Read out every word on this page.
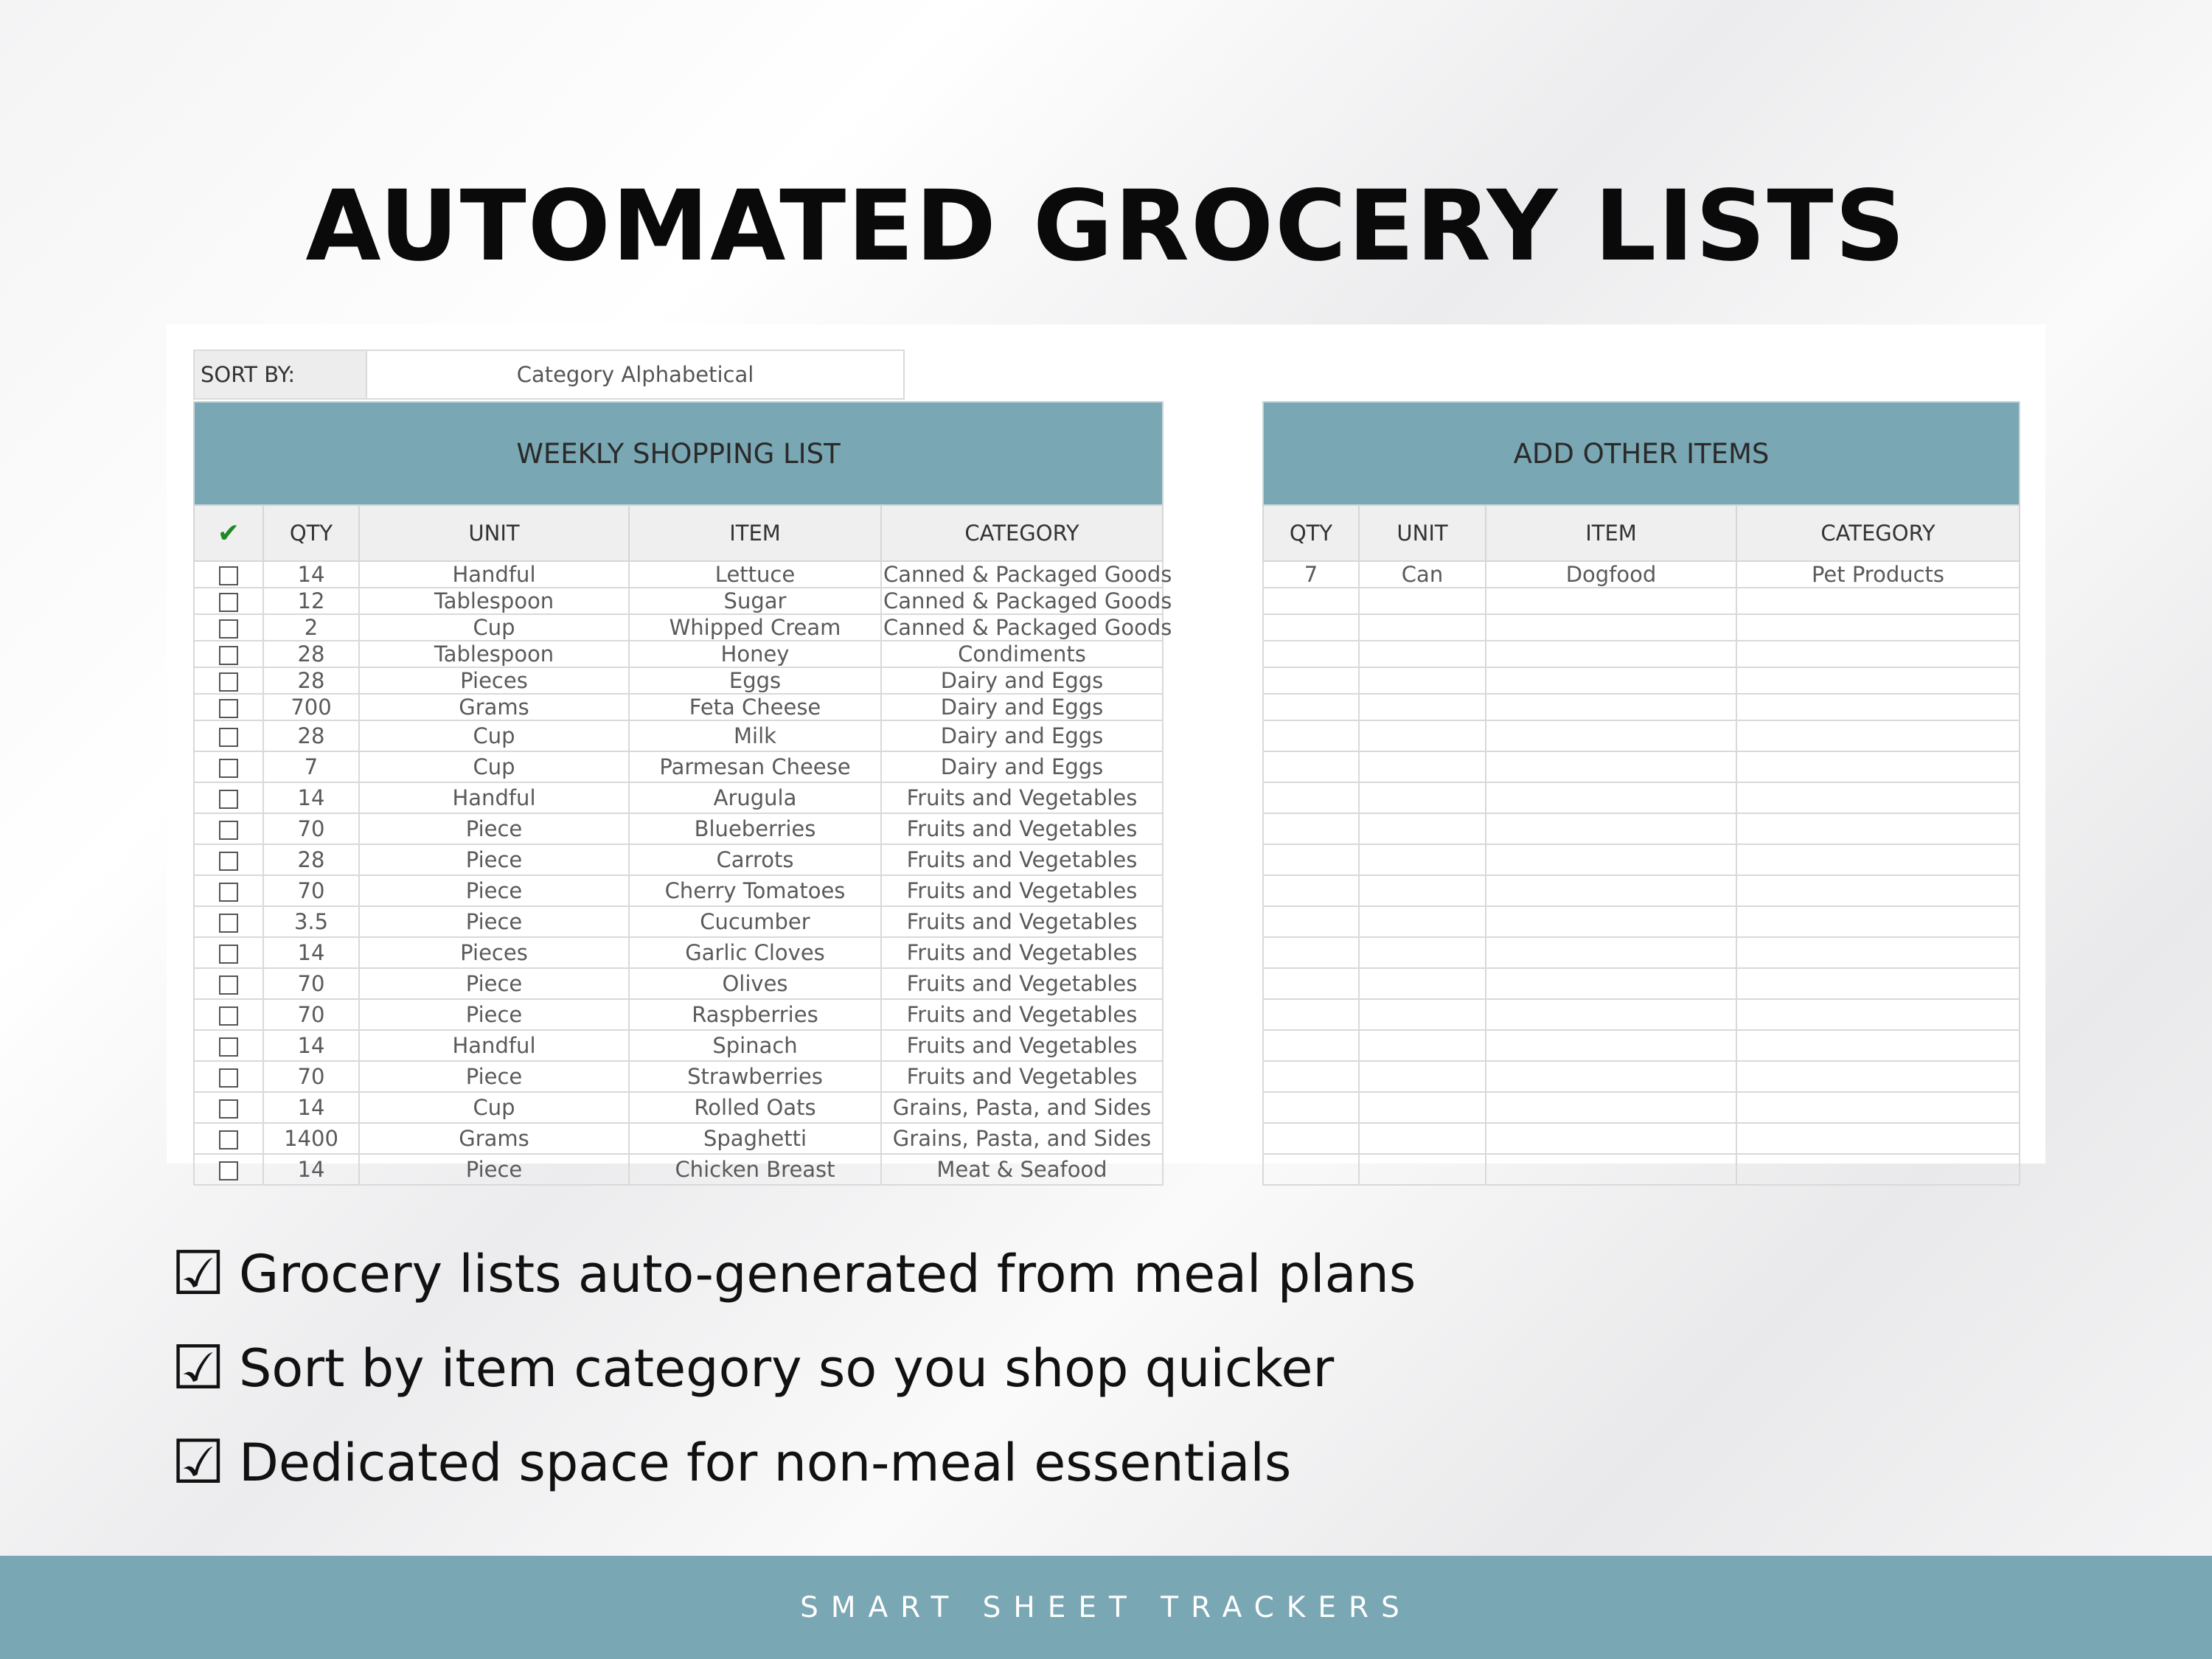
AUTOMATED GROCERY LISTS
SORT BY:	Category Alphabetical
WEEKLY SHOPPING LIST				
✔	QTY	UNIT	ITEM	CATEGORY
	14	Handful	Lettuce	Canned & Packaged Goods
	12	Tablespoon	Sugar	Canned & Packaged Goods
	2	Cup	Whipped Cream	Canned & Packaged Goods
	28	Tablespoon	Honey	Condiments
	28	Pieces	Eggs	Dairy and Eggs
	700	Grams	Feta Cheese	Dairy and Eggs
	28	Cup	Milk	Dairy and Eggs
	7	Cup	Parmesan Cheese	Dairy and Eggs
	14	Handful	Arugula	Fruits and Vegetables
	70	Piece	Blueberries	Fruits and Vegetables
	28	Piece	Carrots	Fruits and Vegetables
	70	Piece	Cherry Tomatoes	Fruits and Vegetables
	3.5	Piece	Cucumber	Fruits and Vegetables
	14	Pieces	Garlic Cloves	Fruits and Vegetables
	70	Piece	Olives	Fruits and Vegetables
	70	Piece	Raspberries	Fruits and Vegetables
	14	Handful	Spinach	Fruits and Vegetables
	70	Piece	Strawberries	Fruits and Vegetables
	14	Cup	Rolled Oats	Grains, Pasta, and Sides
	1400	Grams	Spaghetti	Grains, Pasta, and Sides
	14	Piece	Chicken Breast	Meat & Seafood
ADD OTHER ITEMS			
QTY	UNIT	ITEM	CATEGORY
7	Can	Dogfood	Pet Products

☑ Grocery lists auto-generated from meal plans
☑ Sort by item category so you shop quicker
☑ Dedicated space for non-meal essentials
SMART SHEET TRACKERS
